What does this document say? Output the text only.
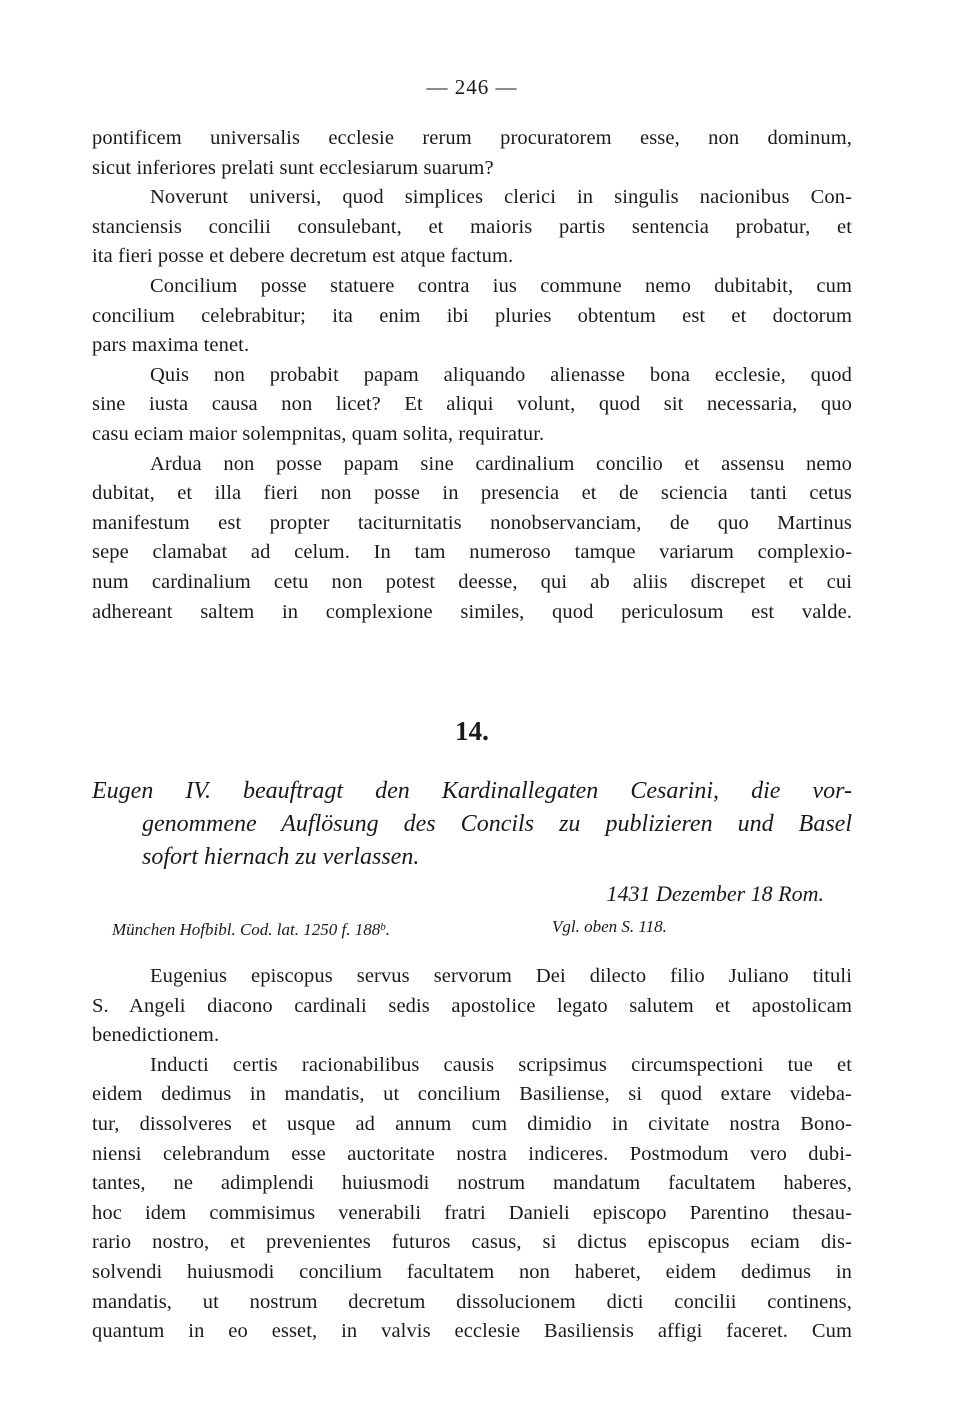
— 246 —
pontificem universalis ecclesie rerum procuratorem esse, non dominum,
sicut inferiores prelati sunt ecclesiarum suarum?
Noverunt universi, quod simplices clerici in singulis nacionibus Con-
stanciensis concilii consulebant, et maioris partis sentencia probatur, et
ita fieri posse et debere decretum est atque factum.
Concilium posse statuere contra ius commune nemo dubitabit, cum
concilium celebrabitur; ita enim ibi pluries obtentum est et doctorum
pars maxima tenet.
Quis non probabit papam aliquando alienasse bona ecclesie, quod
sine iusta causa non licet? Et aliqui volunt, quod sit necessaria, quo
casu eciam maior solempnitas, quam solita, requiratur.
Ardua non posse papam sine cardinalium concilio et assensu nemo
dubitat, et illa fieri non posse in presencia et de sciencia tanti cetus
manifestum est propter taciturnitatis nonobservanciam, de quo Martinus
sepe clamabat ad celum. In tam numeroso tamque variarum complexio-
num cardinalium cetu non potest deesse, qui ab aliis discrepet et cui
adhereant saltem in complexione similes, quod periculosum est valde.
14.
Eugen IV. beauftragt den Kardinallegaten Cesarini, die vor-
genommene Auflösung des Concils zu publizieren und Basel
sofort hiernach zu verlassen.
1431 Dezember 18 Rom.
München Hofbibl. Cod. lat. 1250 f. 188$^b$.	Vgl. oben S. 118.
Eugenius episcopus servus servorum Dei dilecto filio Juliano tituli
S. Angeli diacono cardinali sedis apostolice legato salutem et apostolicam
benedictionem.
Inducti certis racionabilibus causis scripsimus circumspectioni tue et
eidem dedimus in mandatis, ut concilium Basiliense, si quod extare videba-
tur, dissolveres et usque ad annum cum dimidio in civitate nostra Bono-
niensi celebrandum esse auctoritate nostra indiceres. Postmodum vero dubi-
tantes, ne adimplendi huiusmodi nostrum mandatum facultatem haberes,
hoc idem commisimus venerabili fratri Danieli episcopo Parentino thesau-
rario nostro, et prevenientes futuros casus, si dictus episcopus eciam dis-
solvendi huiusmodi concilium facultatem non haberet, eidem dedimus in
mandatis, ut nostrum decretum dissolucionem dicti concilii continens,
quantum in eo esset, in valvis ecclesie Basiliensis affigi faceret. Cum
